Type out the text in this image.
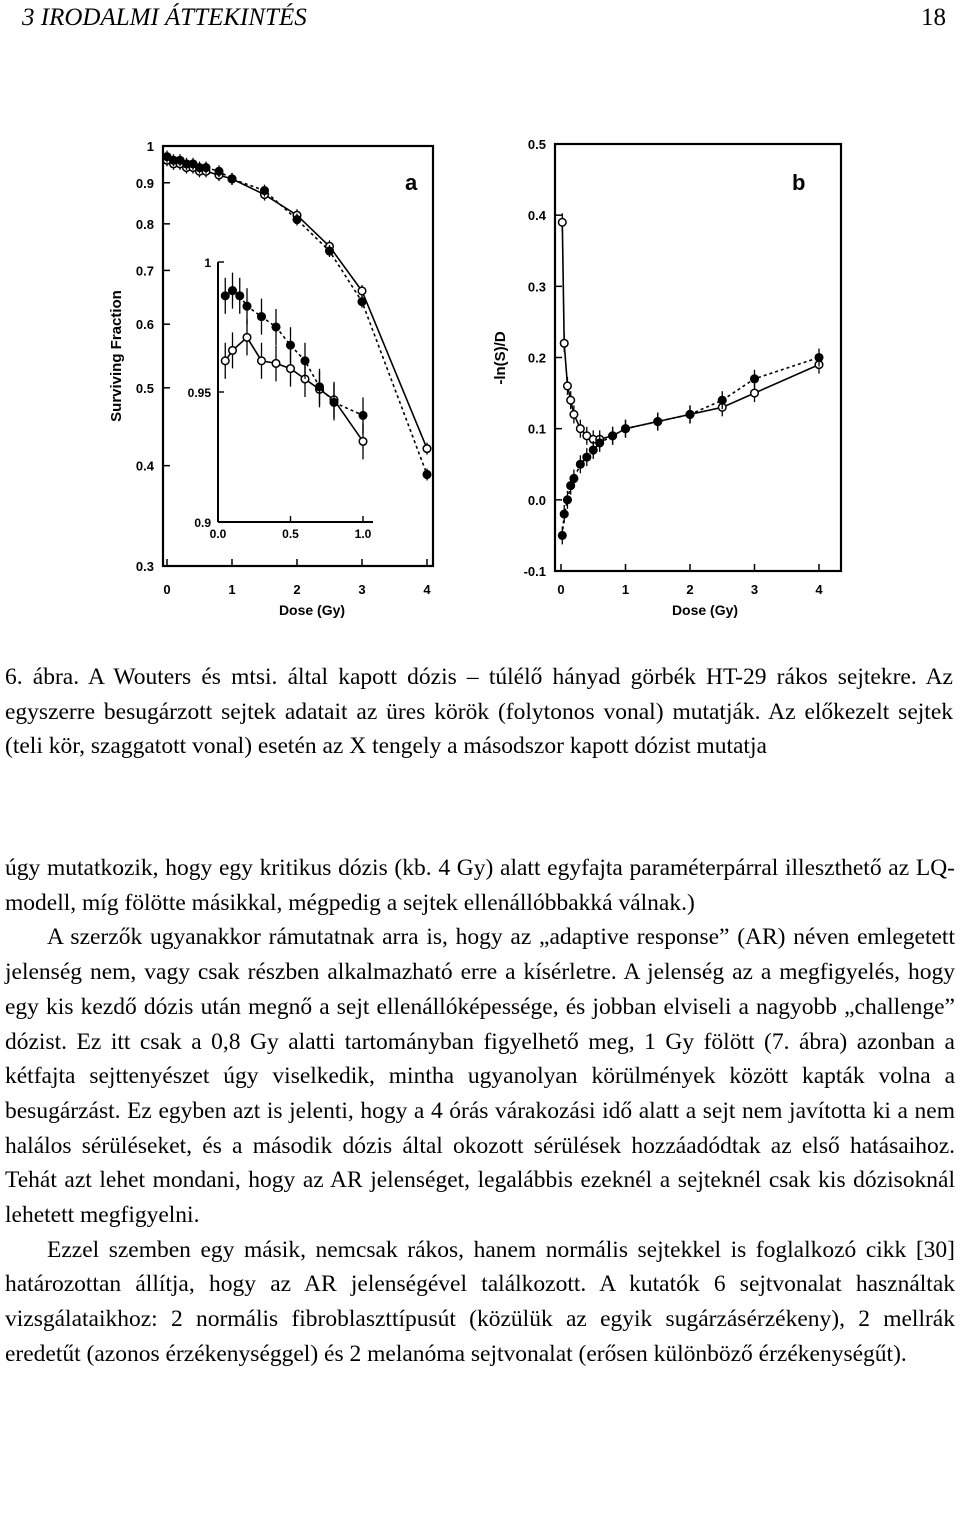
3 IRODALMI ÁTTEKINTÉS	18
a
Surviving Fraction
Dose (Gy)
1
0.9
0.8
0.7
0.6
0.5
0.4
0.3
0	1	2	3	4
1
0.95
0.9
0.0	0.5	1.0
b
-ln(S)/D
Dose (Gy)
0.5
0.4
0.3
0.2
0.1
0.0
-0.1
0	1	2	3	4
6. ábra. A Wouters és mtsi. által kapott dózis – túlélő hányad görbék HT-29 rákos sejtekre. Az egyszerre besugárzott sejtek adatait az üres körök (folytonos vonal) mutatják. Az előkezelt sejtek (teli kör, szaggatott vonal) esetén az X tengely a másodszor kapott dózist mutatja

úgy mutatkozik, hogy egy kritikus dózis (kb. 4 Gy) alatt egyfajta paraméterpárral illeszthető az LQ-modell, míg fölötte másikkal, mégpedig a sejtek ellenállóbbakká válnak.)

A szerzők ugyanakkor rámutatnak arra is, hogy az „adaptive response” (AR) néven emlegetett jelenség nem, vagy csak részben alkalmazható erre a kísérletre. A jelenség az a megfigyelés, hogy egy kis kezdő dózis után megnő a sejt ellenállóképessége, és jobban elviseli a nagyobb „challenge” dózist. Ez itt csak a 0,8 Gy alatti tartományban figyelhető meg, 1 Gy fölött (7. ábra) azonban a kétfajta sejttenyészet úgy viselkedik, mintha ugyanolyan körülmények között kapták volna a besugárzást. Ez egyben azt is jelenti, hogy a 4 órás várakozási idő alatt a sejt nem javította ki a nem halálos sérüléseket, és a második dózis által okozott sérülések hozzáadódtak az első hatásaihoz. Tehát azt lehet mondani, hogy az AR jelenséget, legalábbis ezeknél a sejteknél csak kis dózisoknál lehetett megfigyelni.

Ezzel szemben egy másik, nemcsak rákos, hanem normális sejtekkel is foglalkozó cikk [30] határozottan állítja, hogy az AR jelenségével találkozott. A kutatók 6 sejtvonalat használtak vizsgálataikhoz: 2 normális fibroblaszttípusút (közülük az egyik sugárzásérzékeny), 2 mellrák eredetűt (azonos érzékenységgel) és 2 melanóma sejtvonalat (erősen különböző érzékenységűt).
